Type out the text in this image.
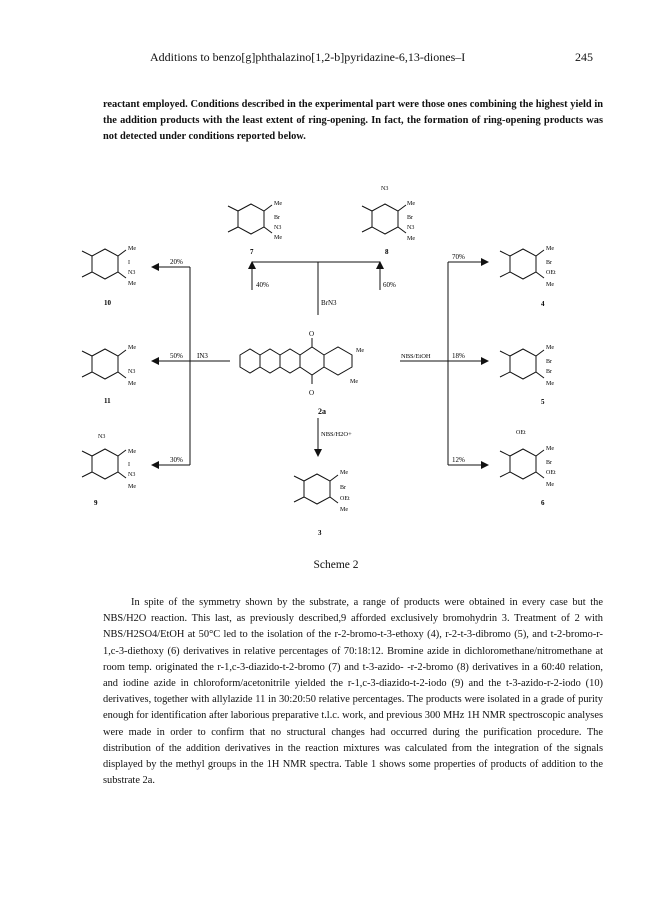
Additions to benzo[g]phthalazino[1,2-b]pyridazine-6,13-diones–I	245
reactant employed. Conditions described in the experimental part were those ones combining the highest yield in the addition products with the least extent of ring-opening. In fact, the formation of ring-opening products was not detected under conditions reported below.
O
O
Me
Me
2a
BrN3
40%	60%
Me
Br
N3
Me
7
N3
Me
Br
N3
Me
8
IN3
20%
50%
30%
Me
I
N3
Me
10
Me
N3
Me
11
N3
Me
I
N3
Me
9
NBS/EtOH
70%
18%
12%
Me
Br
OEt
Me
4
Me
Br
Br
Me
5
OEt
Me
Br
OEt
Me
6
NBS/H2O+
Me
Br
OEt
Me
3
Scheme 2

In spite of the symmetry shown by the substrate, a range of products were obtained in every case but the NBS/H2O reaction. This last, as previously described,9 afforded exclusively bromohydrin 3. Treatment of 2 with NBS/H2SO4/EtOH at 50°C led to the isolation of the r-2-bromo-t-3-ethoxy (4), r-2-t-3-dibromo (5), and t-2-bromo-r-1,c-3-diethoxy (6) derivatives in relative percentages of 70:18:12. Bromine azide in dichloromethane/nitromethane at room temp. originated the r-1,c-3-diazido-t-2-bromo (7) and t-3-azido- -r-2-bromo (8) derivatives in a 60:40 relation, and iodine azide in chloroform/acetonitrile yielded the r-1,c-3-diazido-t-2-iodo (9) and the t-3-azido-r-2-iodo (10) derivatives, together with allylazide 11 in 30:20:50 relative percentages. The products were isolated in a grade of purity enough for identification after laborious preparative t.l.c. work, and previous 300 MHz 1H NMR spectroscopic analyses were made in order to confirm that no structural changes had occurred during the purification procedure. The distribution of the addition derivatives in the reaction mixtures was calculated from the integration of the signals displayed by the methyl groups in the 1H NMR spectra. Table 1 shows some properties of products of addition to the substrate 2a.
